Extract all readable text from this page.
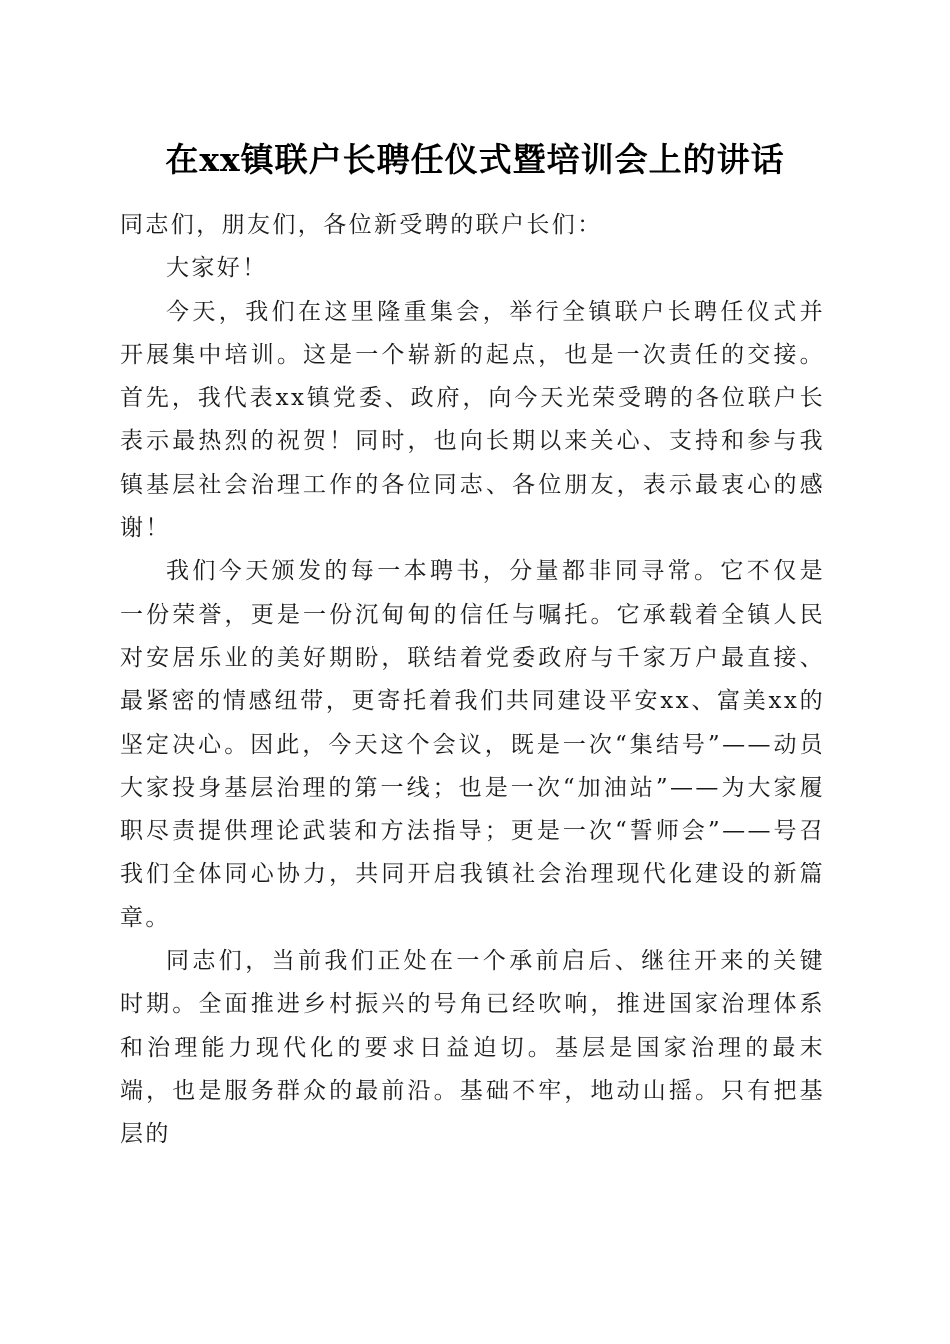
在xx镇联户长聘任仪式暨培训会上的讲话

同志们，朋友们，各位新受聘的联户长们：

大家好！

今天，我们在这里隆重集会，举行全镇联户长聘任仪式并开展集中培训。这是一个崭新的起点，也是一次责任的交接。首先，我代表xx镇党委、政府，向今天光荣受聘的各位联户长表示最热烈的祝贺！同时，也向长期以来关心、支持和参与我镇基层社会治理工作的各位同志、各位朋友，表示最衷心的感谢！

我们今天颁发的每一本聘书，分量都非同寻常。它不仅是一份荣誉，更是一份沉甸甸的信任与嘱托。它承载着全镇人民对安居乐业的美好期盼，联结着党委政府与千家万户最直接、最紧密的情感纽带，更寄托着我们共同建设平安xx、富美xx的坚定决心。因此，今天这个会议，既是一次“集结号”——动员大家投身基层治理的第一线；也是一次“加油站”——为大家履职尽责提供理论武装和方法指导；更是一次“誓师会”——号召我们全体同心协力，共同开启我镇社会治理现代化建设的新篇章。

同志们，当前我们正处在一个承前启后、继往开来的关键时期。全面推进乡村振兴的号角已经吹响，推进国家治理体系和治理能力现代化的要求日益迫切。基层是国家治理的最末端，也是服务群众的最前沿。基础不牢，地动山摇。只有把基层的
